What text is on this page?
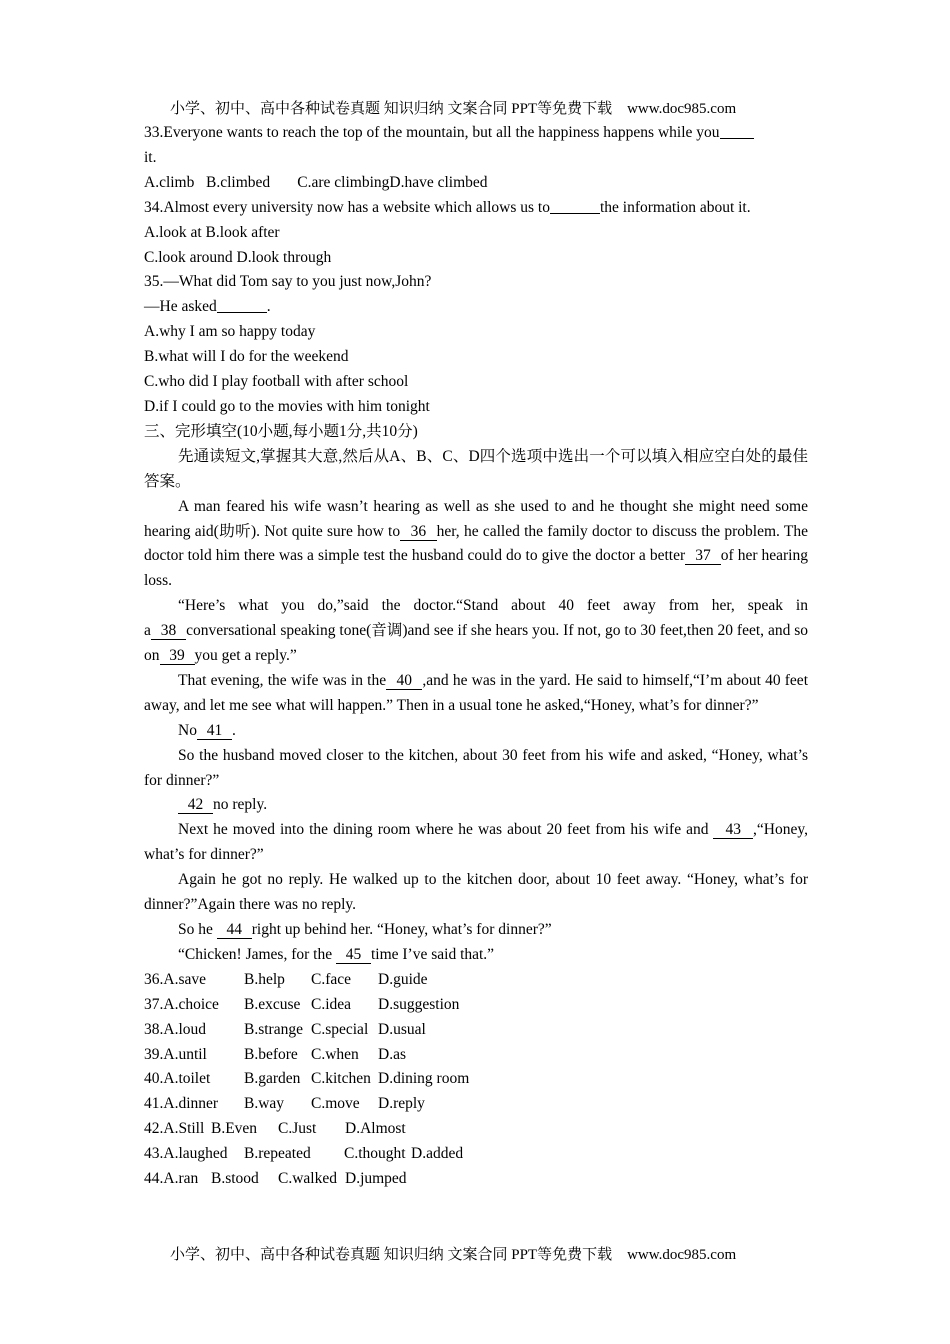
小学、初中、高中各种试卷真题 知识归纳 文案合同 PPT等免费下载　www.doc985.com
33.Everyone wants to reach the top of the mountain, but all the happiness happens while you
it.
A.climb B.climbed C.are climbingD.have climbed
34.Almost every university now has a website which allows us to	the information about it.
A.look at B.look after
C.look around D.look through
35.—What did Tom say to you just now,John?
—He asked	.
A.why I am so happy today
B.what will I do for the weekend
C.who did I play football with after school
D.if I could go to the movies with him tonight
三、完形填空(10小题,每小题1分,共10分)
先通读短文,掌握其大意,然后从A、B、C、D四个选项中选出一个可以填入相应空白处的最佳答案。
A man feared his wife wasn’t hearing as well as she used to and he thought she might need some hearing aid(助听). Not quite sure how to 36 her, he called the family doctor to discuss the problem. The doctor told him there was a simple test the husband could do to give the doctor a better 37 of her hearing loss.
“Here’s what you do,”said the doctor.“Stand about 40 feet away from her, speak in a 38 conversational speaking tone(音调)and see if she hears you. If not, go to 30 feet,then 20 feet, and so on 39 you get a reply.”
That evening, the wife was in the 40 ,and he was in the yard. He said to himself,“I’m about 40 feet away, and let me see what will happen.” Then in a usual tone he asked,“Honey, what’s for dinner?”
No 41 .
So the husband moved closer to the kitchen, about 30 feet from his wife and asked, “Honey, what’s for dinner?”
42 no reply.
Next he moved into the dining room where he was about 20 feet from his wife and 43 ,“Honey, what’s for dinner?”
Again he got no reply. He walked up to the kitchen door, about 10 feet away. “Honey, what’s for dinner?”Again there was no reply.
So he 44 right up behind her. “Honey, what’s for dinner?”
“Chicken! James, for the 45 time I’ve said that.”
36.A.save	B.help	C.face	D.guide
37.A.choice	B.excuse C.idea	D.suggestion
38.A.loud	B.strange C.special D.usual
39.A.until	B.before C.when	D.as
40.A.toilet	B.garden C.kitchen D.dining room
41.A.dinner	B.way	C.move	D.reply
42.A.Still B.Even	C.Just	D.Almost
43.A.laughed	B.repeated	C.thought D.added
44.A.ran B.stood	C.walked D.jumped
小学、初中、高中各种试卷真题 知识归纳 文案合同 PPT等免费下载　www.doc985.com
